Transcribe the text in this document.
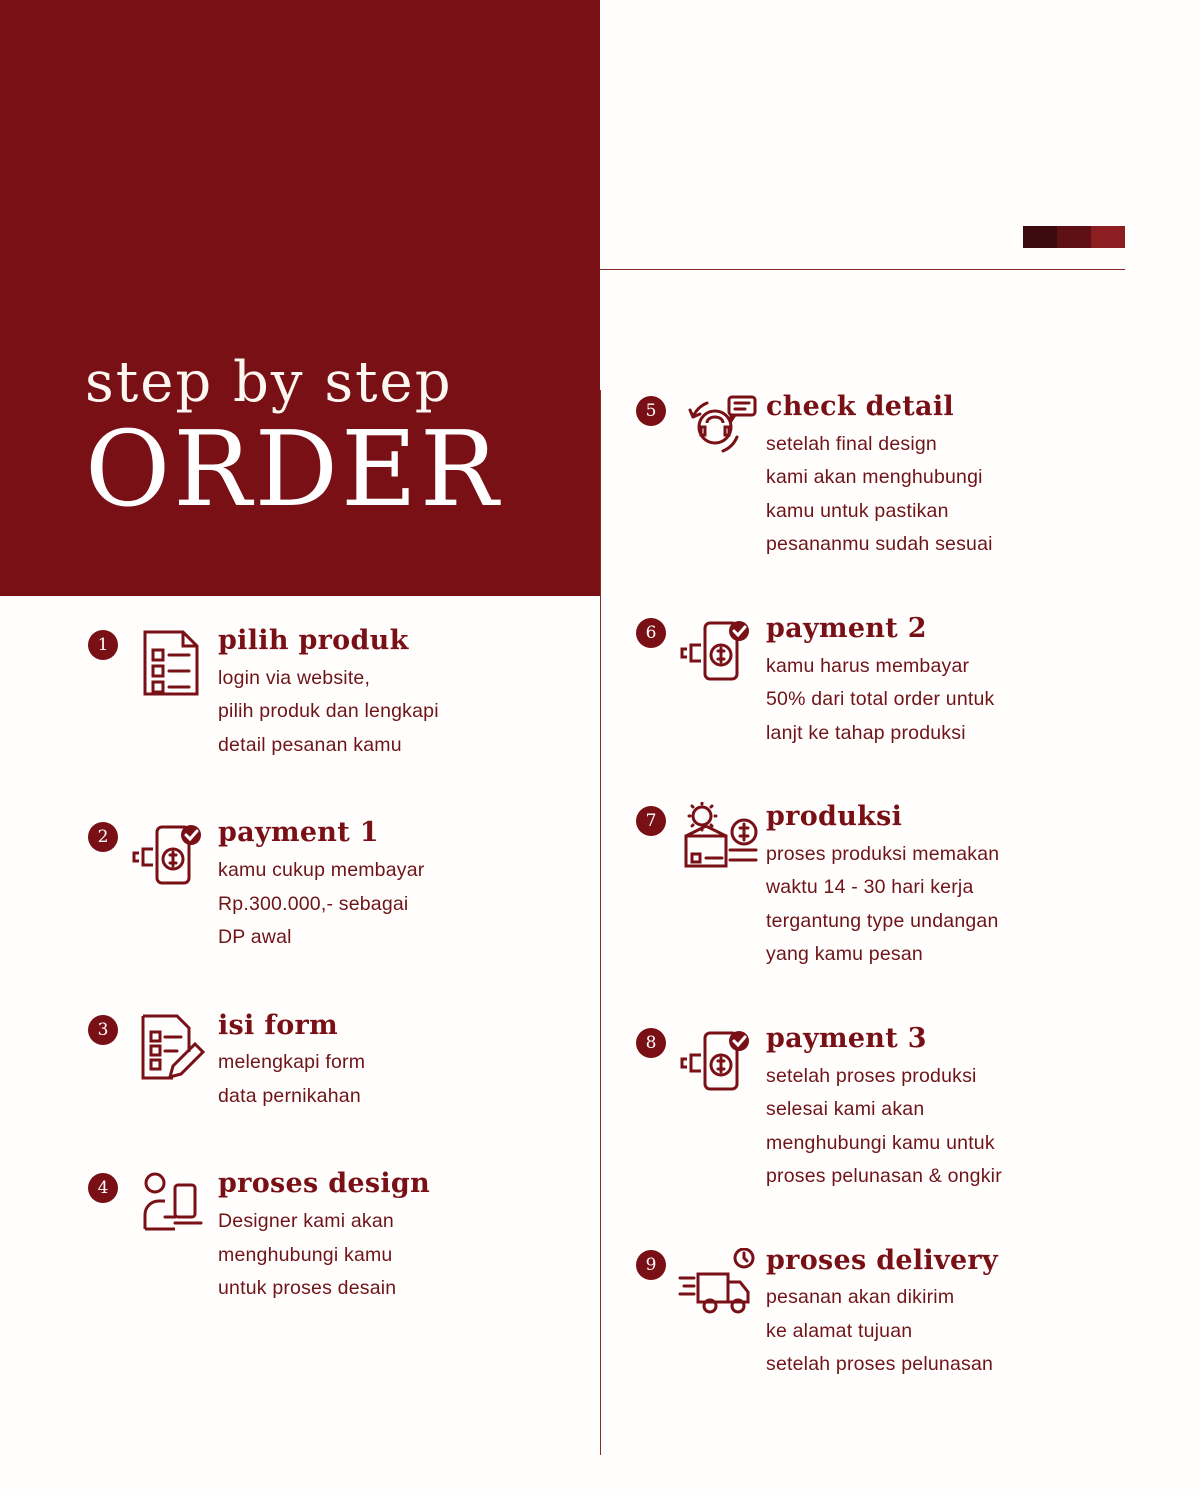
step by step
ORDER
1	pilih produk
login via website,
pilih produk dan lengkapi
detail pesanan kamu
2	payment 1
kamu cukup membayar
Rp.300.000,- sebagai
DP awal
3	isi form
melengkapi form
data pernikahan
4	proses design
Designer kami akan
menghubungi kamu
untuk proses desain
5	check detail
setelah final design
kami akan menghubungi
kamu untuk pastikan
pesananmu sudah sesuai
6	payment 2
kamu harus membayar
50% dari total order untuk
lanjt ke tahap produksi
7	produksi
proses produksi memakan
waktu 14 - 30 hari kerja
tergantung type undangan
yang kamu pesan
8	payment 3
setelah proses produksi
selesai kami akan
menghubungi kamu untuk
proses pelunasan & ongkir
9	proses delivery
pesanan akan dikirim
ke alamat tujuan
setelah proses pelunasan
